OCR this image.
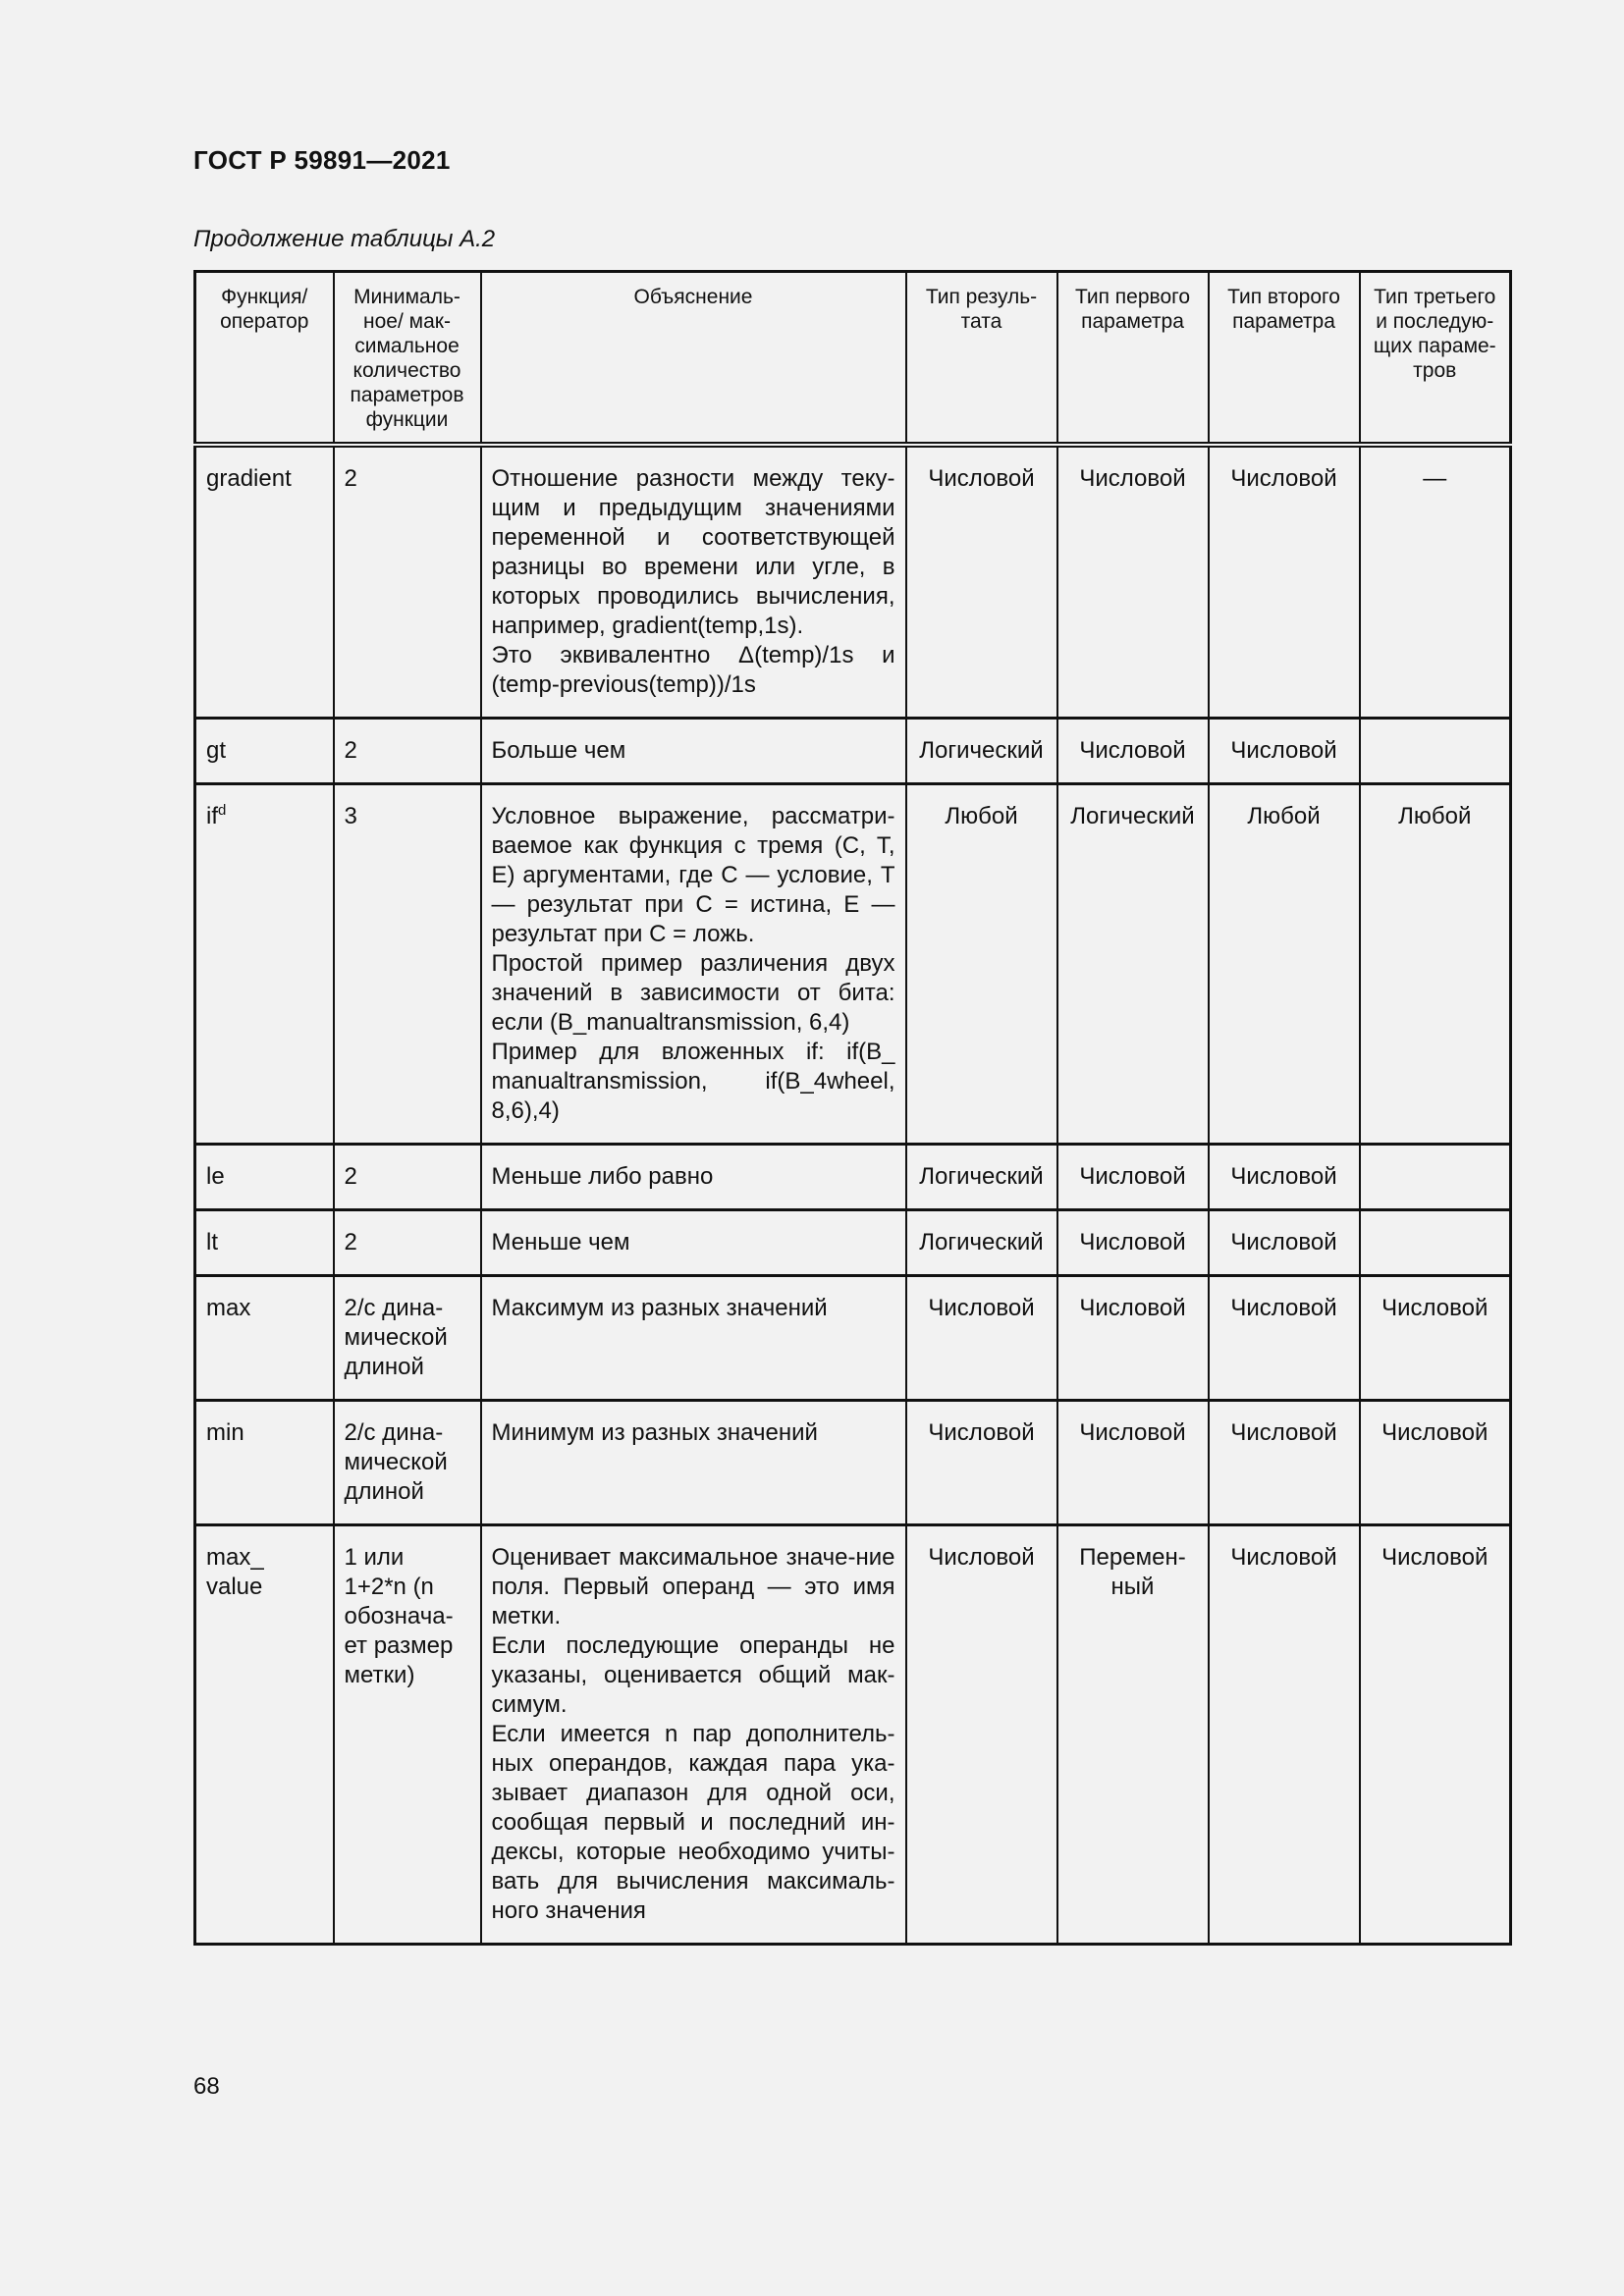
ГОСТ Р 59891—2021
Продолжение таблицы А.2
Функция/ оператор	Минималь-ное/ мак-симальное количество параметров функции	Объяснение	Тип резуль-тата	Тип первого параметра	Тип второго параметра	Тип третьего и последую-щих параме-тров
gradient	2	Отношение разности между теку-щим и предыдущим значениями переменной и соответствующей разницы во времени или угле, в которых проводились вычисления, например, gradient(temp,1s).

Это эквивалентно Δ(temp)/1s и (temp-previous(temp))/1s	Числовой	Числовой	Числовой	—
gt	2	Больше чем	Логический	Числовой	Числовой	
$if^d$	3	Условное выражение, рассматри-ваемое как функция с тремя (C, T, E) аргументами, где C — условие, T — результат при C = истина, E — результат при C = ложь.

Простой пример различения двух значений в зависимости от бита: если (B_manualtransmission, 6,4)

Пример для вложенных if: if(B_ manualtransmission, if(B_4wheel, 8,6),4)	Любой	Логический	Любой	Любой
le	2	Меньше либо равно	Логический	Числовой	Числовой	
lt	2	Меньше чем	Логический	Числовой	Числовой	
max	2/с дина-мической длиной	Максимум из разных значений	Числовой	Числовой	Числовой	Числовой
min	2/с дина-мической длиной	Минимум из разных значений	Числовой	Числовой	Числовой	Числовой
max_ value	1 или 1+2*n (n обознача-ет размер метки)	Оценивает максимальное значе-ние поля. Первый операнд — это имя метки.

Если последующие операнды не указаны, оценивается общий мак-симум.

Если имеется n пар дополнитель-ных операндов, каждая пара ука-зывает диапазон для одной оси, сообщая первый и последний ин-дексы, которые необходимо учиты-вать для вычисления максималь-ного значения	Числовой	Перемен-ный	Числовой	Числовой
68
